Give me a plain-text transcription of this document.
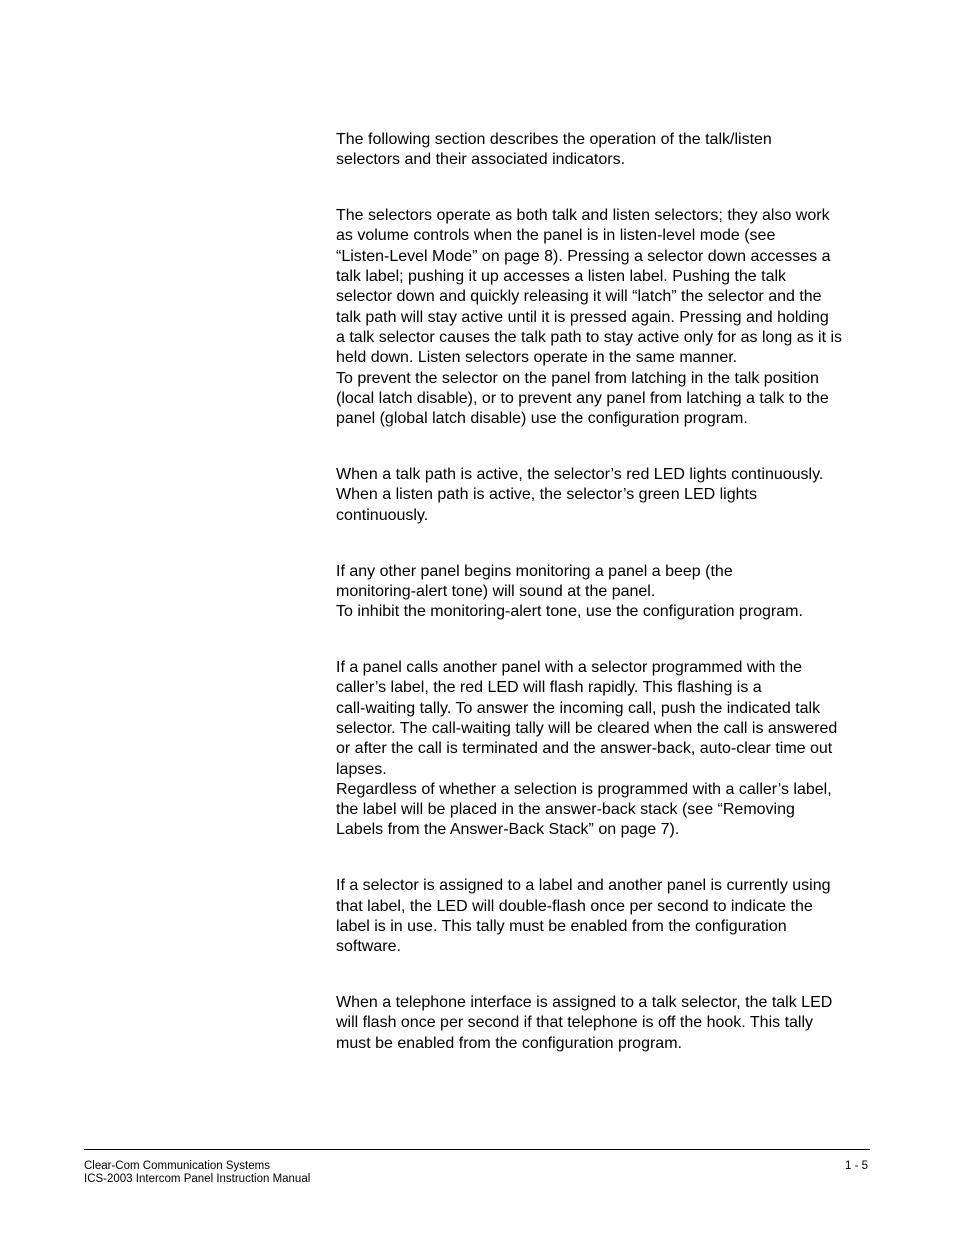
The following section describes the operation of the talk/listen
selectors and their associated indicators.

The selectors operate as both talk and listen selectors; they also work
as volume controls when the panel is in listen-level mode (see
“Listen-Level Mode” on page 8). Pressing a selector down accesses a
talk label; pushing it up accesses a listen label. Pushing the talk
selector down and quickly releasing it will “latch” the selector and the
talk path will stay active until it is pressed again. Pressing and holding
a talk selector causes the talk path to stay active only for as long as it is
held down. Listen selectors operate in the same manner.
To prevent the selector on the panel from latching in the talk position
(local latch disable), or to prevent any panel from latching a talk to the
panel (global latch disable) use the configuration program.

When a talk path is active, the selector’s red LED lights continuously.
When a listen path is active, the selector’s green LED lights
continuously.

If any other panel begins monitoring a panel a beep (the
monitoring-alert tone) will sound at the panel.
To inhibit the monitoring-alert tone, use the configuration program.

If a panel calls another panel with a selector programmed with the
caller’s label, the red LED will flash rapidly. This flashing is a
call-waiting tally. To answer the incoming call, push the indicated talk
selector. The call-waiting tally will be cleared when the call is answered
or after the call is terminated and the answer-back, auto-clear time out
lapses.
Regardless of whether a selection is programmed with a caller’s label,
the label will be placed in the answer-back stack (see “Removing
Labels from the Answer-Back Stack” on page 7).

If a selector is assigned to a label and another panel is currently using
that label, the LED will double-flash once per second to indicate the
label is in use. This tally must be enabled from the configuration
software.

When a telephone interface is assigned to a talk selector, the talk LED
will flash once per second if that telephone is off the hook. This tally
must be enabled from the configuration program.

Clear-Com Communication Systems
ICS-2003 Intercom Panel Instruction Manual
1 - 5
